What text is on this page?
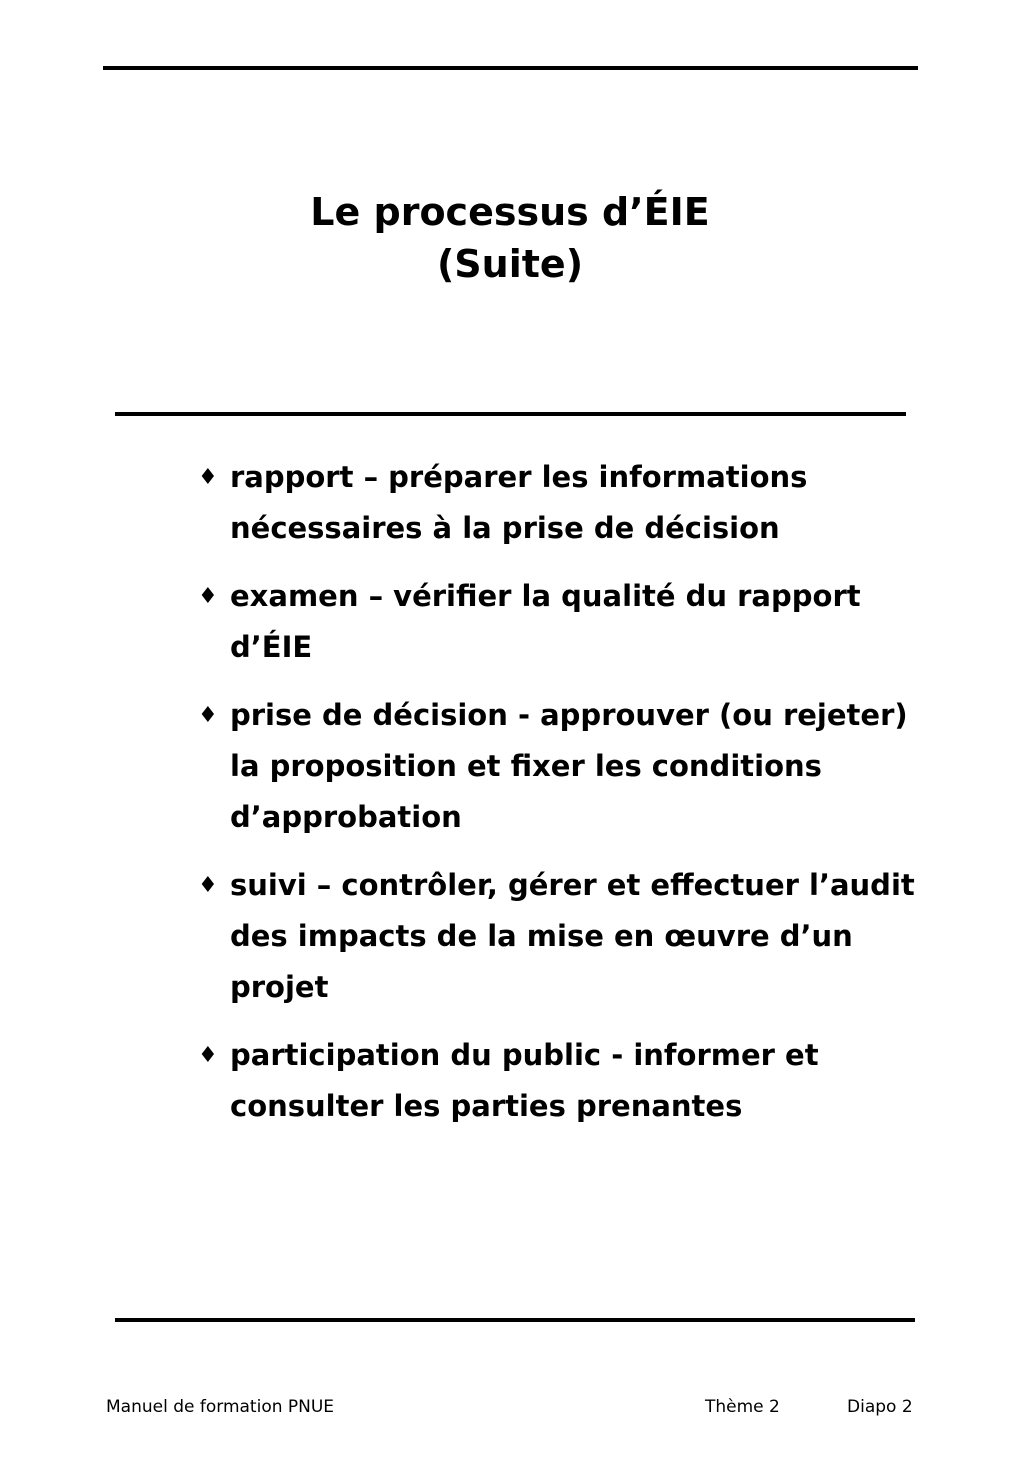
Le processus d’ÉIE
(Suite)
♦ rapport – préparer les informations nécessaires à la prise de décision
♦ examen – vérifier la qualité du rapport d’ÉIE
♦ prise de décision - approuver (ou rejeter) la proposition et fixer les conditions d’approbation
♦ suivi – contrôler, gérer et effectuer l’audit des impacts de la mise en œuvre d’un projet
♦ participation du public - informer et consulter les parties prenantes
Manuel de formation PNUE	Thème 2	Diapo 2
